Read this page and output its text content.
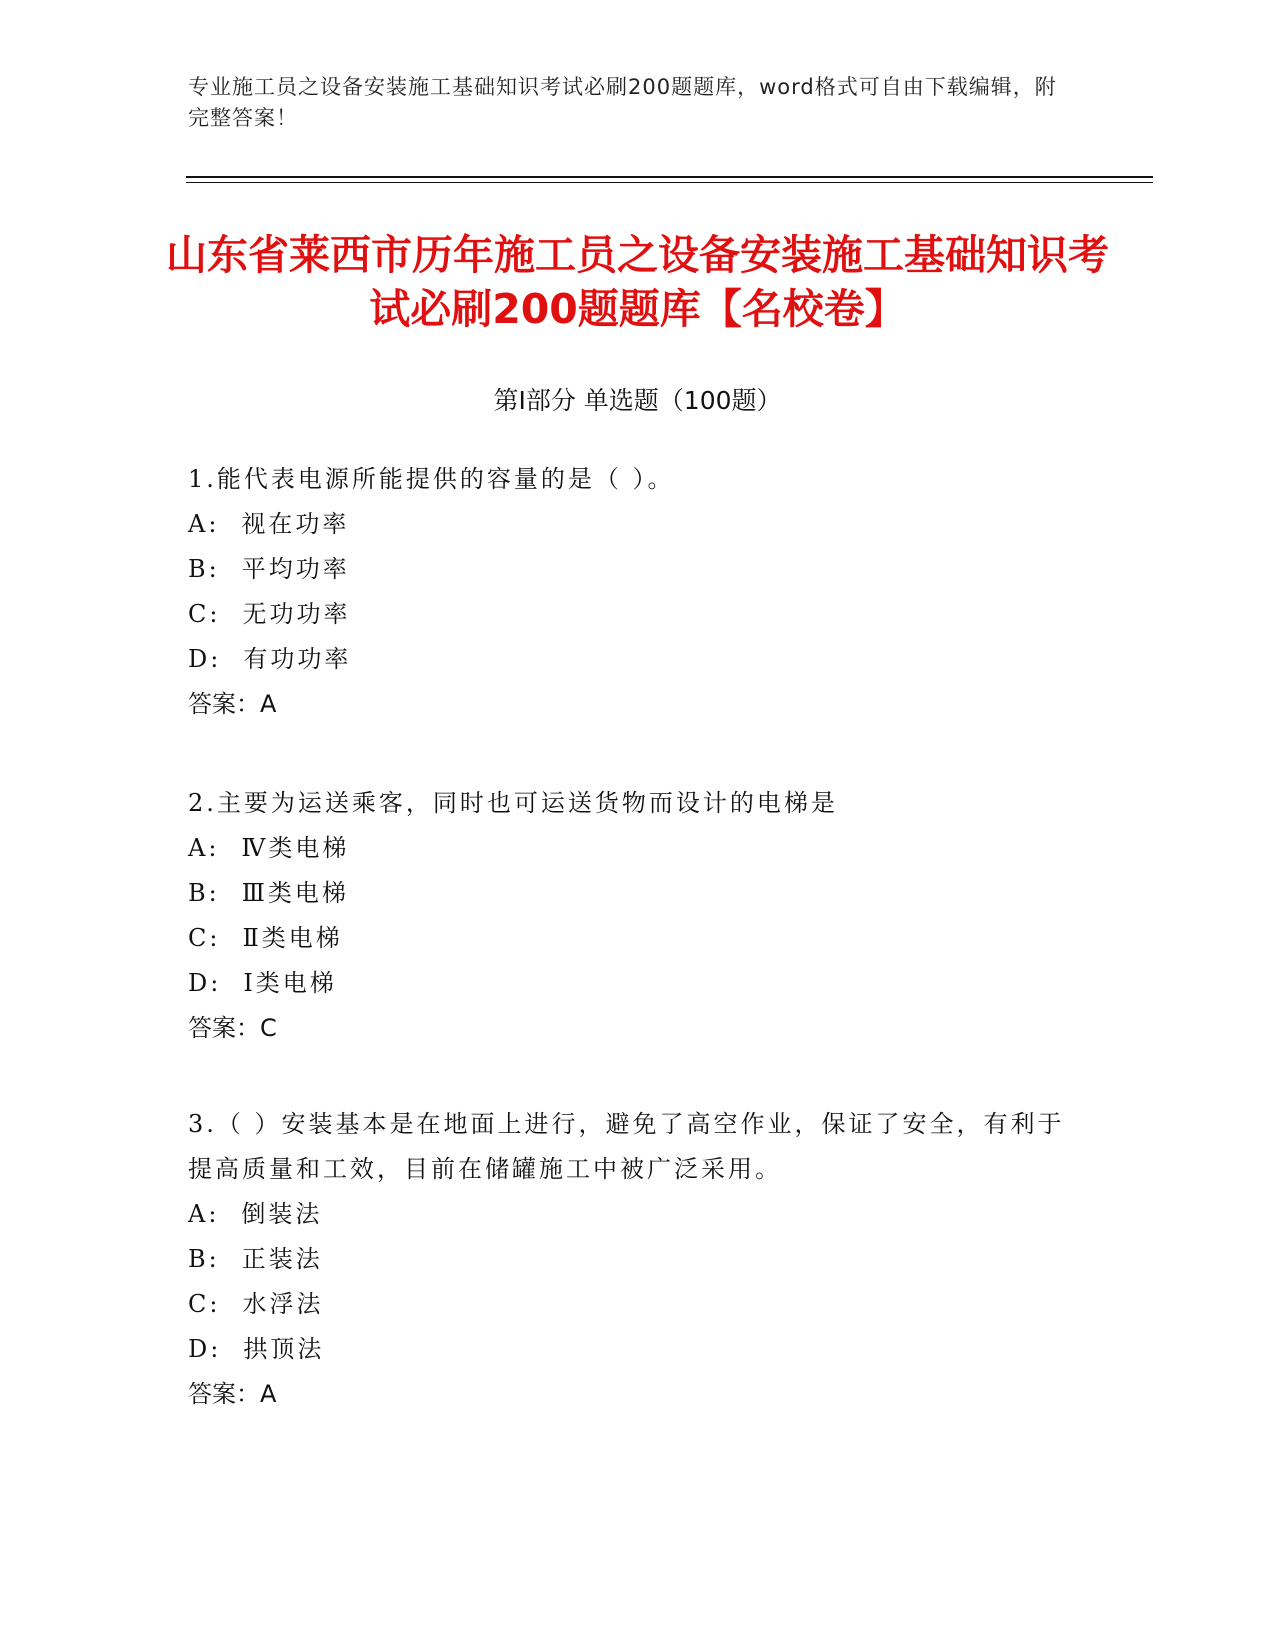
专业施工员之设备安装施工基础知识考试必刷200题题库，word格式可自由下载编辑，附完整答案！
山东省莱西市历年施工员之设备安装施工基础知识考试必刷200题题库【名校卷】
第Ⅰ部分 单选题（100题）
1.能代表电源所能提供的容量的是（ ）。
A: 视在功率
B: 平均功率
C: 无功功率
D: 有功功率
答案：A
2.主要为运送乘客，同时也可运送货物而设计的电梯是
A: Ⅳ类电梯
B: Ⅲ类电梯
C: Ⅱ类电梯
D: Ⅰ类电梯
答案：C
3.（ ）安装基本是在地面上进行，避免了高空作业，保证了安全，有利于提高质量和工效，目前在储罐施工中被广泛采用。
A: 倒装法
B: 正装法
C: 水浮法
D: 拱顶法
答案：A
